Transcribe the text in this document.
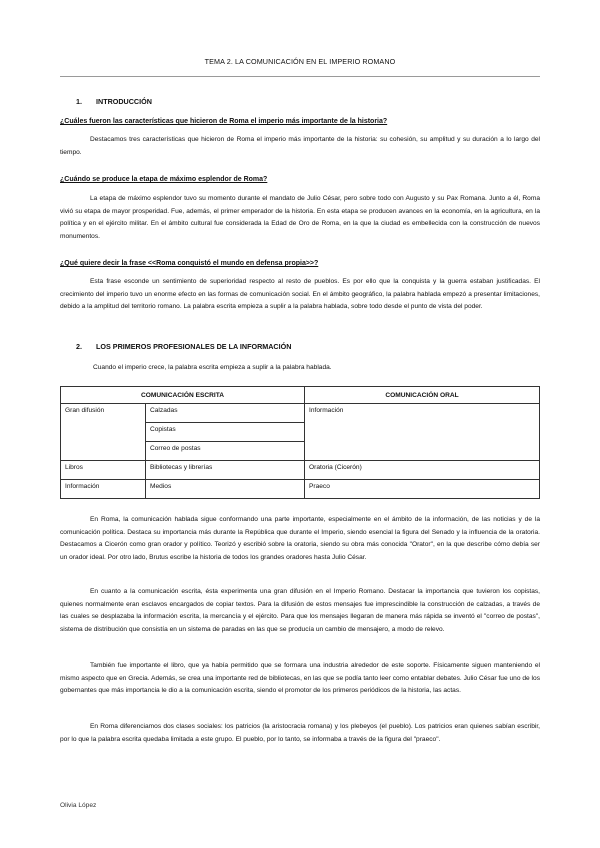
TEMA 2. LA COMUNICACIÓN EN EL IMPERIO ROMANO
1. INTRODUCCIÓN
¿Cuáles fueron las características que hicieron de Roma el imperio más importante de la historia?

Destacamos tres características que hicieron de Roma el imperio más importante de la historia: su cohesión, su amplitud y su duración a lo largo del tiempo.

¿Cuándo se produce la etapa de máximo esplendor de Roma?

La etapa de máximo esplendor tuvo su momento durante el mandato de Julio César, pero sobre todo con Augusto y su Pax Romana. Junto a él, Roma vivió su etapa de mayor prosperidad. Fue, además, el primer emperador de la historia. En esta etapa se producen avances en la economía, en la agricultura, en la política y en el ejército militar. En el ámbito cultural fue considerada la Edad de Oro de Roma, en la que la ciudad es embellecida con la construcción de nuevos monumentos.

¿Qué quiere decir la frase <<Roma conquistó el mundo en defensa propia>>?

Esta frase esconde un sentimiento de superioridad respecto al resto de pueblos. Es por ello que la conquista y la guerra estaban justificadas. El crecimiento del imperio tuvo un enorme efecto en las formas de comunicación social. En el ámbito geográfico, la palabra hablada empezó a presentar limitaciones, debido a la amplitud del territorio romano. La palabra escrita empieza a suplir a la palabra hablada, sobre todo desde el punto de vista del poder.

2. LOS PRIMEROS PROFESIONALES DE LA INFORMACIÓN

Cuando el imperio crece, la palabra escrita empieza a suplir a la palabra hablada.

COMUNICACIÓN ESCRITA		COMUNICACIÓN ORAL
Gran difusión	Calzadas	Información
	Copistas	
	Correo de postas	
Libros	Bibliotecas y librerías	Oratoria (Cicerón)
Información	Medios	Praeco

En Roma, la comunicación hablada sigue conformando una parte importante, especialmente en el ámbito de la información, de las noticias y de la comunicación política. Destaca su importancia más durante la República que durante el Imperio, siendo esencial la figura del Senado y la influencia de la oratoria. Destacamos a Cicerón como gran orador y político. Teorizó y escribió sobre la oratoria, siendo su obra más conocida "Orator", en la que describe cómo debía ser un orador ideal. Por otro lado, Brutus escribe la historia de todos los grandes oradores hasta Julio César.

En cuanto a la comunicación escrita, ésta experimenta una gran difusión en el Imperio Romano. Destacar la importancia que tuvieron los copistas, quienes normalmente eran esclavos encargados de copiar textos. Para la difusión de estos mensajes fue imprescindible la construcción de calzadas, a través de las cuales se desplazaba la información escrita, la mercancía y el ejército. Para que los mensajes llegaran de manera más rápida se inventó el "correo de postas", sistema de distribución que consistía en un sistema de paradas en las que se producía un cambio de mensajero, a modo de relevo.

También fue importante el libro, que ya había permitido que se formara una industria alrededor de este soporte. Físicamente siguen manteniendo el mismo aspecto que en Grecia. Además, se crea una importante red de bibliotecas, en las que se podía tanto leer como entablar debates. Julio César fue uno de los gobernantes que más importancia le dio a la comunicación escrita, siendo el promotor de los primeros periódicos de la historia, las actas.

En Roma diferenciamos dos clases sociales: los patricios (la aristocracia romana) y los plebeyos (el pueblo). Los patricios eran quienes sabían escribir, por lo que la palabra escrita quedaba limitada a este grupo. El pueblo, por lo tanto, se informaba a través de la figura del "praeco".

Olivia López
